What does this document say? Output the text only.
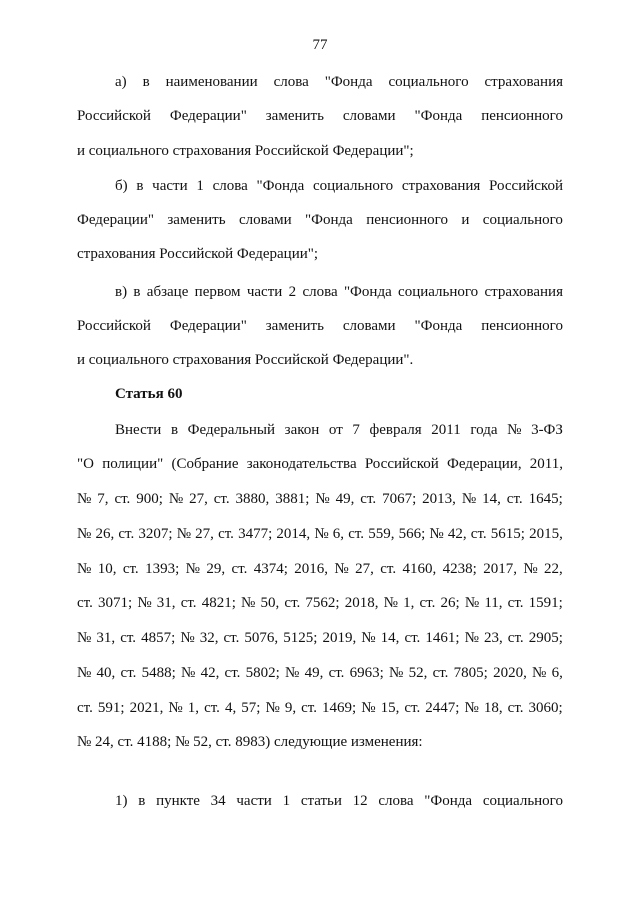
77
а) в наименовании слова "Фонда социального страхования
Российской Федерации" заменить словами "Фонда пенсионного
и социального страхования Российской Федерации";
б) в части 1 слова "Фонда социального страхования Российской
Федерации" заменить словами "Фонда пенсионного и социального
страхования Российской Федерации";
в) в абзаце первом части 2 слова "Фонда социального страхования
Российской Федерации" заменить словами "Фонда пенсионного
и социального страхования Российской Федерации".
Статья 60
Внести в Федеральный закон от 7 февраля 2011 года № 3-ФЗ
"О полиции" (Собрание законодательства Российской Федерации, 2011,
№ 7, ст. 900; № 27, ст. 3880, 3881; № 49, ст. 7067; 2013, № 14, ст. 1645;
№ 26, ст. 3207; № 27, ст. 3477; 2014, № 6, ст. 559, 566; № 42, ст. 5615; 2015,
№ 10, ст. 1393; № 29, ст. 4374; 2016, № 27, ст. 4160, 4238; 2017, № 22,
ст. 3071; № 31, ст. 4821; № 50, ст. 7562; 2018, № 1, ст. 26; № 11, ст. 1591;
№ 31, ст. 4857; № 32, ст. 5076, 5125; 2019, № 14, ст. 1461; № 23, ст. 2905;
№ 40, ст. 5488; № 42, ст. 5802; № 49, ст. 6963; № 52, ст. 7805; 2020, № 6,
ст. 591; 2021, № 1, ст. 4, 57; № 9, ст. 1469; № 15, ст. 2447; № 18, ст. 3060;
№ 24, ст. 4188; № 52, ст. 8983) следующие изменения:
1) в пункте 34 части 1 статьи 12 слова "Фонда социального
